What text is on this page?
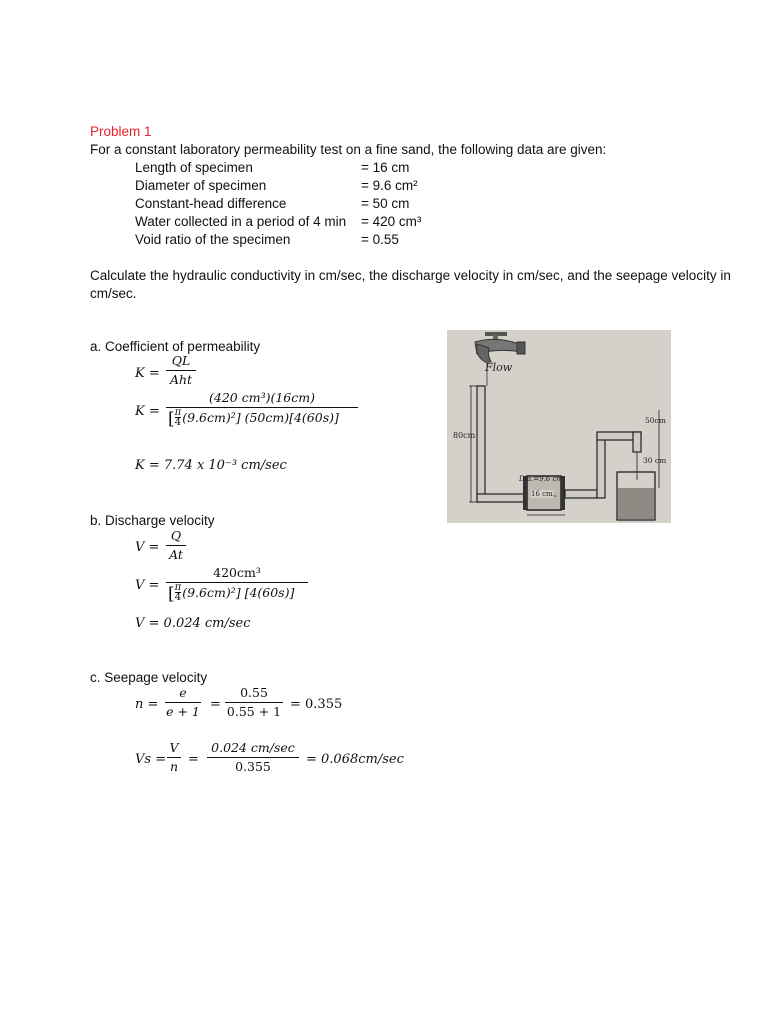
Problem 1
For a constant laboratory permeability test on a fine sand, the following data are given:
Length of specimen	= 16 cm
Diameter of specimen	= 9.6 cm²
Constant-head difference	= 50 cm
Water collected in a period of 4 min = 420 cm³
Void ratio of the specimen	= 0.55
Calculate the hydraulic conductivity in cm/sec, the discharge velocity in cm/sec, and the seepage velocity in
cm/sec.
a. Coefficient of permeability
K =
QL
Aht
K =
(420 cm³)(16cm)
[ $\frac{\pi}{4} (9.6cm)^2$] (50cm)[4(60s)]
K = 7.74 x 10⁻³ cm/sec
b. Discharge velocity
V =
Q
At
V =
420cm³
[ $\frac{\pi}{4} (9.6cm)^2$] [4(60s)]
V = 0.024 cm/sec
c. Seepage velocity
n =
e
e + 1 =
0.55
0.55 + 1 = 0.355
Vs =
V
n =
0.024 cm/sec
0.355	= 0.068cm/sec
Flow
80cm
50cm
30 cm
Dia.=9.6 cm
16 cm
